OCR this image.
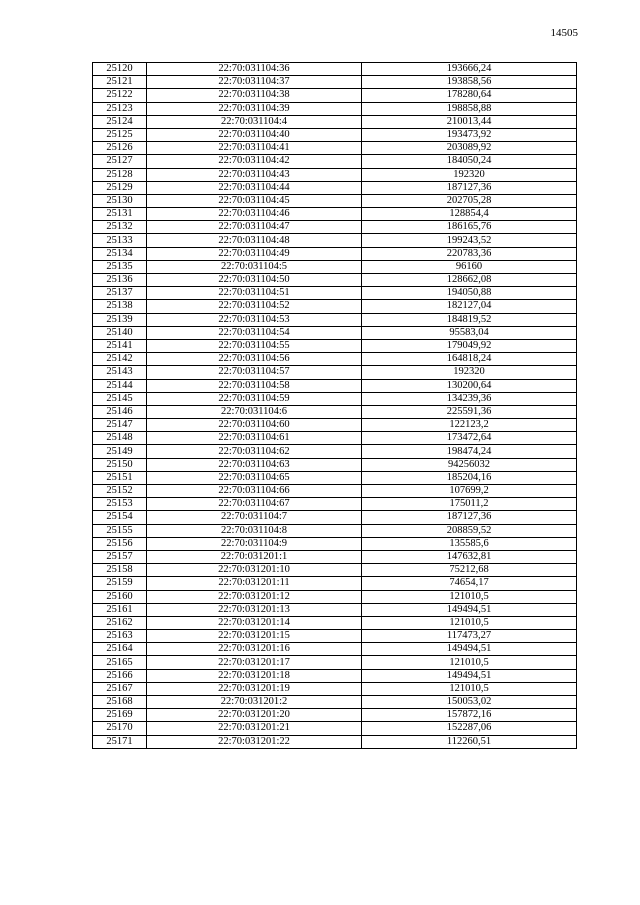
14505
25120	22:70:031104:36	193666,24
25121	22:70:031104:37	193858,56
25122	22:70:031104:38	178280,64
25123	22:70:031104:39	198858,88
25124	22:70:031104:4	210013,44
25125	22:70:031104:40	193473,92
25126	22:70:031104:41	203089,92
25127	22:70:031104:42	184050,24
25128	22:70:031104:43	192320
25129	22:70:031104:44	187127,36
25130	22:70:031104:45	202705,28
25131	22:70:031104:46	128854,4
25132	22:70:031104:47	186165,76
25133	22:70:031104:48	199243,52
25134	22:70:031104:49	220783,36
25135	22:70:031104:5	96160
25136	22:70:031104:50	128662,08
25137	22:70:031104:51	194050,88
25138	22:70:031104:52	182127,04
25139	22:70:031104:53	184819,52
25140	22:70:031104:54	95583,04
25141	22:70:031104:55	179049,92
25142	22:70:031104:56	164818,24
25143	22:70:031104:57	192320
25144	22:70:031104:58	130200,64
25145	22:70:031104:59	134239,36
25146	22:70:031104:6	225591,36
25147	22:70:031104:60	122123,2
25148	22:70:031104:61	173472,64
25149	22:70:031104:62	198474,24
25150	22:70:031104:63	94256032
25151	22:70:031104:65	185204,16
25152	22:70:031104:66	107699,2
25153	22:70:031104:67	175011,2
25154	22:70:031104:7	187127,36
25155	22:70:031104:8	208859,52
25156	22:70:031104:9	135585,6
25157	22:70:031201:1	147632,81
25158	22:70:031201:10	75212,68
25159	22:70:031201:11	74654,17
25160	22:70:031201:12	121010,5
25161	22:70:031201:13	149494,51
25162	22:70:031201:14	121010,5
25163	22:70:031201:15	117473,27
25164	22:70:031201:16	149494,51
25165	22:70:031201:17	121010,5
25166	22:70:031201:18	149494,51
25167	22:70:031201:19	121010,5
25168	22:70:031201:2	150053,02
25169	22:70:031201:20	157872,16
25170	22:70:031201:21	152287,06
25171	22:70:031201:22	112260,51
